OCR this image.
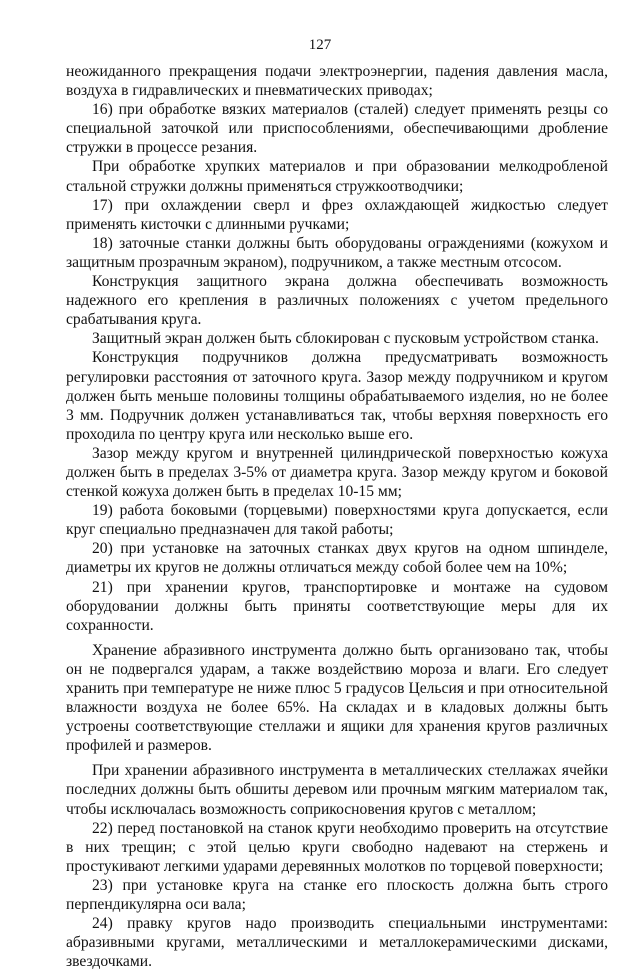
127

неожиданного прекращения подачи электроэнергии, падения давления масла, воздуха в гидравлических и пневматических приводах;

16) при обработке вязких материалов (сталей) следует применять резцы со специальной заточкой или приспособлениями, обеспечивающими дробление стружки в процессе резания.

При обработке хрупких материалов и при образовании мелкодробленой стальной стружки должны применяться стружкоотводчики;

17) при охлаждении сверл и фрез охлаждающей жидкостью следует применять кисточки с длинными ручками;

18) заточные станки должны быть оборудованы ограждениями (кожухом и защитным прозрачным экраном), подручником, а также местным отсосом.

Конструкция защитного экрана должна обеспечивать возможность надежного его крепления в различных положениях с учетом предельного срабатывания круга.

Защитный экран должен быть сблокирован с пусковым устройством станка.

Конструкция подручников должна предусматривать возможность регулировки расстояния от заточного круга. Зазор между подручником и кругом должен быть меньше половины толщины обрабатываемого изделия, но не более 3 мм. Подручник должен устанавливаться так, чтобы верхняя поверхность его проходила по центру круга или несколько выше его.

Зазор между кругом и внутренней цилиндрической поверхностью кожуха должен быть в пределах 3-5% от диаметра круга. Зазор между кругом и боковой стенкой кожуха должен быть в пределах 10-15 мм;

19) работа боковыми (торцевыми) поверхностями круга допускается, если круг специально предназначен для такой работы;

20) при установке на заточных станках двух кругов на одном шпинделе, диаметры их кругов не должны отличаться между собой более чем на 10%;

21) при хранении кругов, транспортировке и монтаже на судовом оборудовании должны быть приняты соответствующие меры для их сохранности.

Хранение абразивного инструмента должно быть организовано так, чтобы он не подвергался ударам, а также воздействию мороза и влаги. Его следует хранить при температуре не ниже плюс 5 градусов Цельсия и при относительной влажности воздуха не более 65%. На складах и в кладовых должны быть устроены соответствующие стеллажи и ящики для хранения кругов различных профилей и размеров.

При хранении абразивного инструмента в металлических стеллажах ячейки последних должны быть обшиты деревом или прочным мягким материалом так, чтобы исключалась возможность соприкосновения кругов с металлом;

22) перед постановкой на станок круги необходимо проверить на отсутствие в них трещин; с этой целью круги свободно надевают на стержень и простукивают легкими ударами деревянных молотков по торцевой поверхности;

23) при установке круга на станке его плоскость должна быть строго перпендикулярна оси вала;

24) правку кругов надо производить специальными инструментами: абразивными кругами, металлическими и металлокерамическими дисками, звездочками.
